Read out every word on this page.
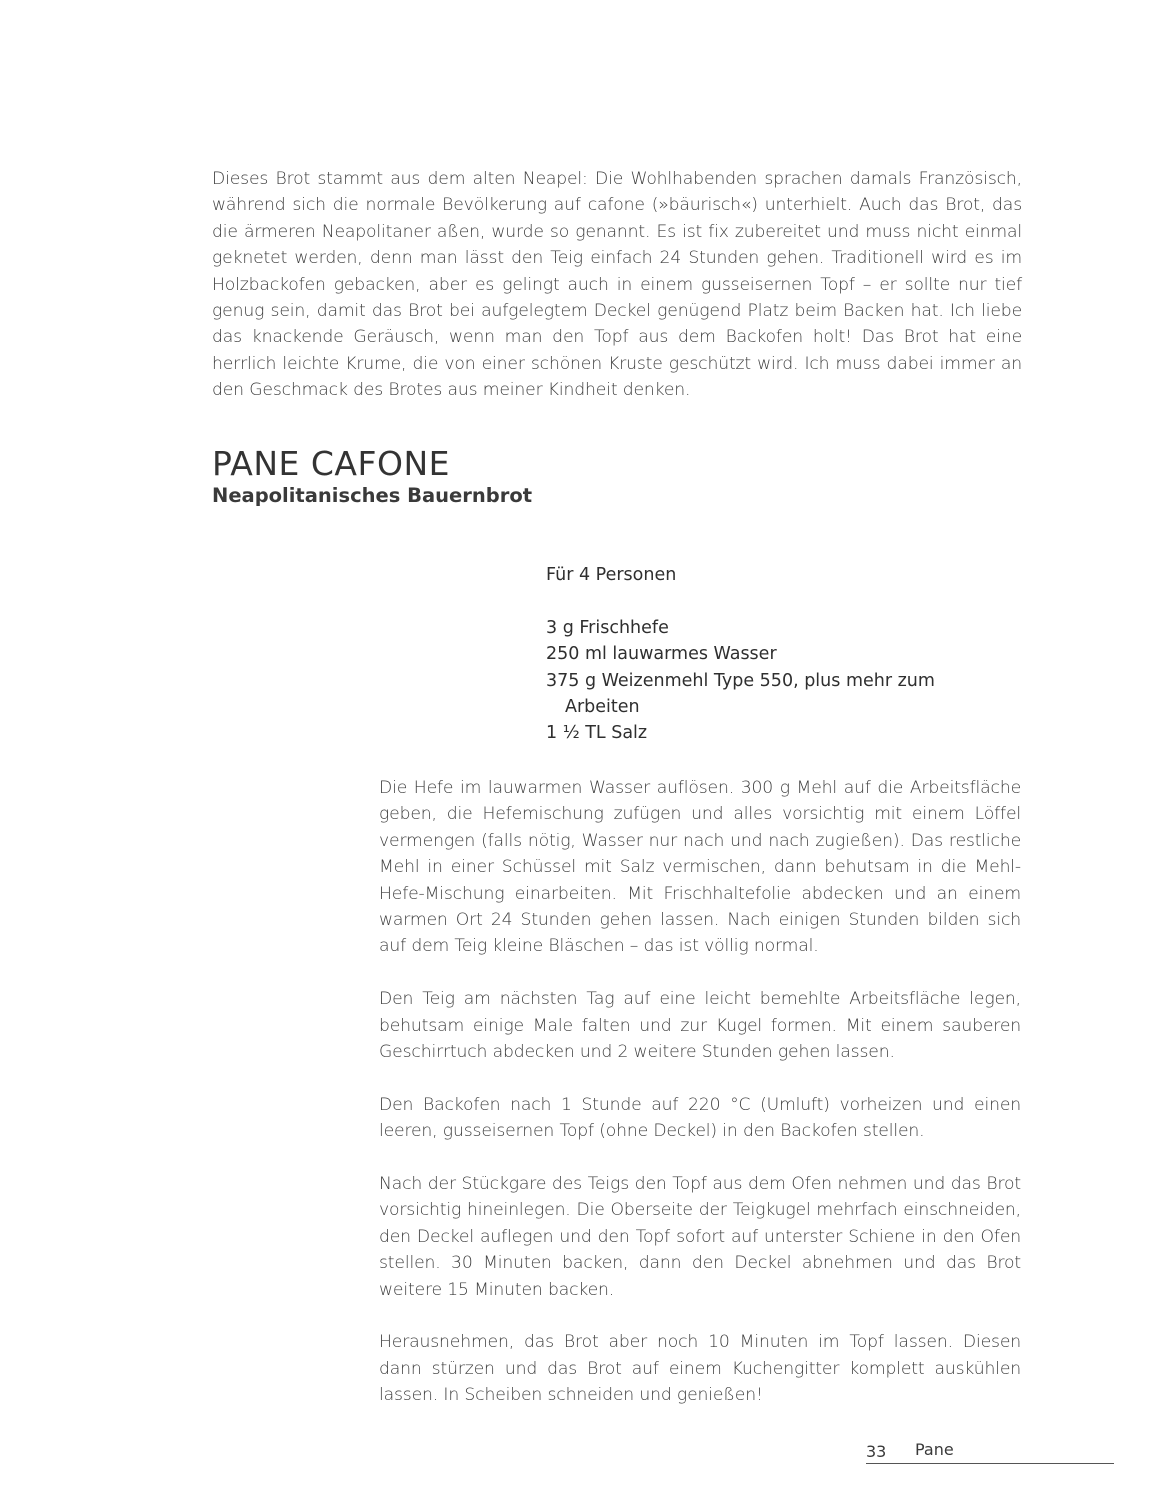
Dieses Brot stammt aus dem alten Neapel: Die Wohlhabenden sprachen damals Französisch, während sich die normale Bevölkerung auf cafone (»bäurisch«) unterhielt. Auch das Brot, das die ärmeren Neapolitaner aßen, wurde so genannt. Es ist fix zubereitet und muss nicht einmal geknetet werden, denn man lässt den Teig einfach 24 Stunden gehen. Traditionell wird es im Holzbackofen gebacken, aber es gelingt auch in einem gusseisernen Topf – er sollte nur tief genug sein, damit das Brot bei aufgelegtem Deckel genügend Platz beim Backen hat. Ich liebe das knackende Geräusch, wenn man den Topf aus dem Backofen holt! Das Brot hat eine herrlich leichte Krume, die von einer schönen Kruste geschützt wird. Ich muss dabei immer an den Geschmack des Brotes aus meiner Kindheit denken.

PANE CAFONE
Neapolitanisches Bauernbrot

Für 4 Personen

3 g Frischhefe
250 ml lauwarmes Wasser
375 g Weizenmehl Type 550, plus mehr zum Arbeiten
1 ½ TL Salz

Die Hefe im lauwarmen Wasser auflösen. 300 g Mehl auf die Arbeitsfläche geben, die Hefemischung zufügen und alles vorsichtig mit einem Löffel vermengen (falls nötig, Wasser nur nach und nach zugießen). Das restliche Mehl in einer Schüssel mit Salz vermischen, dann behutsam in die Mehl-Hefe-Mischung einarbeiten. Mit Frischhaltefolie abdecken und an einem warmen Ort 24 Stunden gehen lassen. Nach einigen Stunden bilden sich auf dem Teig kleine Bläschen – das ist völlig normal.

Den Teig am nächsten Tag auf eine leicht bemehlte Arbeitsfläche legen, behutsam einige Male falten und zur Kugel formen. Mit einem sauberen Geschirrtuch abdecken und 2 weitere Stunden gehen lassen.

Den Backofen nach 1 Stunde auf 220 °C (Umluft) vorheizen und einen leeren, gusseisernen Topf (ohne Deckel) in den Backofen stellen.

Nach der Stückgare des Teigs den Topf aus dem Ofen nehmen und das Brot vorsichtig hineinlegen. Die Oberseite der Teigkugel mehrfach einschneiden, den Deckel auflegen und den Topf sofort auf unterster Schiene in den Ofen stellen. 30 Minuten backen, dann den Deckel abnehmen und das Brot weitere 15 Minuten backen.

Herausnehmen, das Brot aber noch 10 Minuten im Topf lassen. Diesen dann stürzen und das Brot auf einem Kuchengitter komplett auskühlen lassen. In Scheiben schneiden und genießen!

33 Pane
